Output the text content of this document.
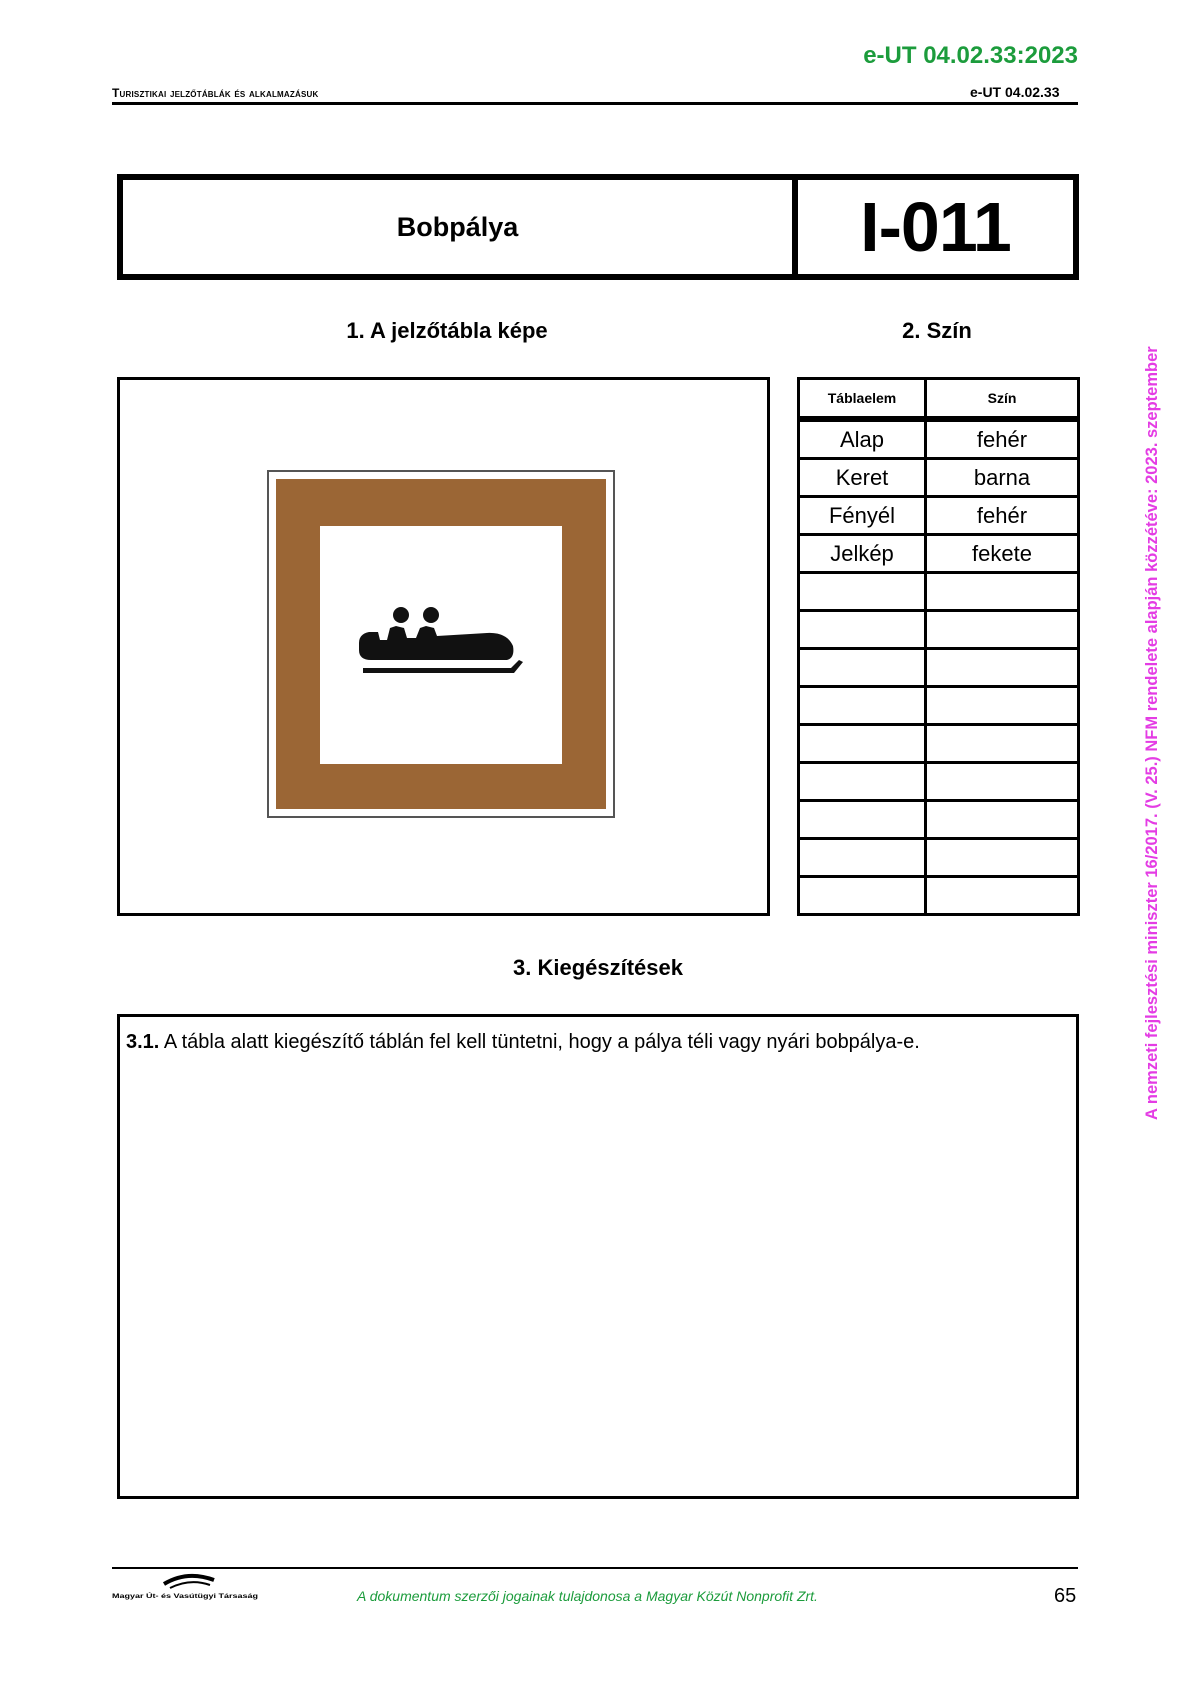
e-UT 04.02.33:2023
Turisztikai jelzőtáblák és alkalmazásuk	e-UT 04.02.33
Bobpálya	I-011
1. A jelzőtábla képe	2. Szín
Táblaelem	Szín
Alap	fehér
Keret	barna
Fényél	fehér
Jelkép	fekete

3. Kiegészítések
3.1. A tábla alatt kiegészítő táblán fel kell tüntetni, hogy a pálya téli vagy nyári bobpálya-e.
Magyar Út- és Vasútügyi Társaság	A dokumentum szerzői jogainak tulajdonosa a Magyar Közút Nonprofit Zrt.	65
A nemzeti fejlesztési miniszter 16/2017. (V. 25.) NFM rendelete alapján közzétéve: 2023. szeptember
